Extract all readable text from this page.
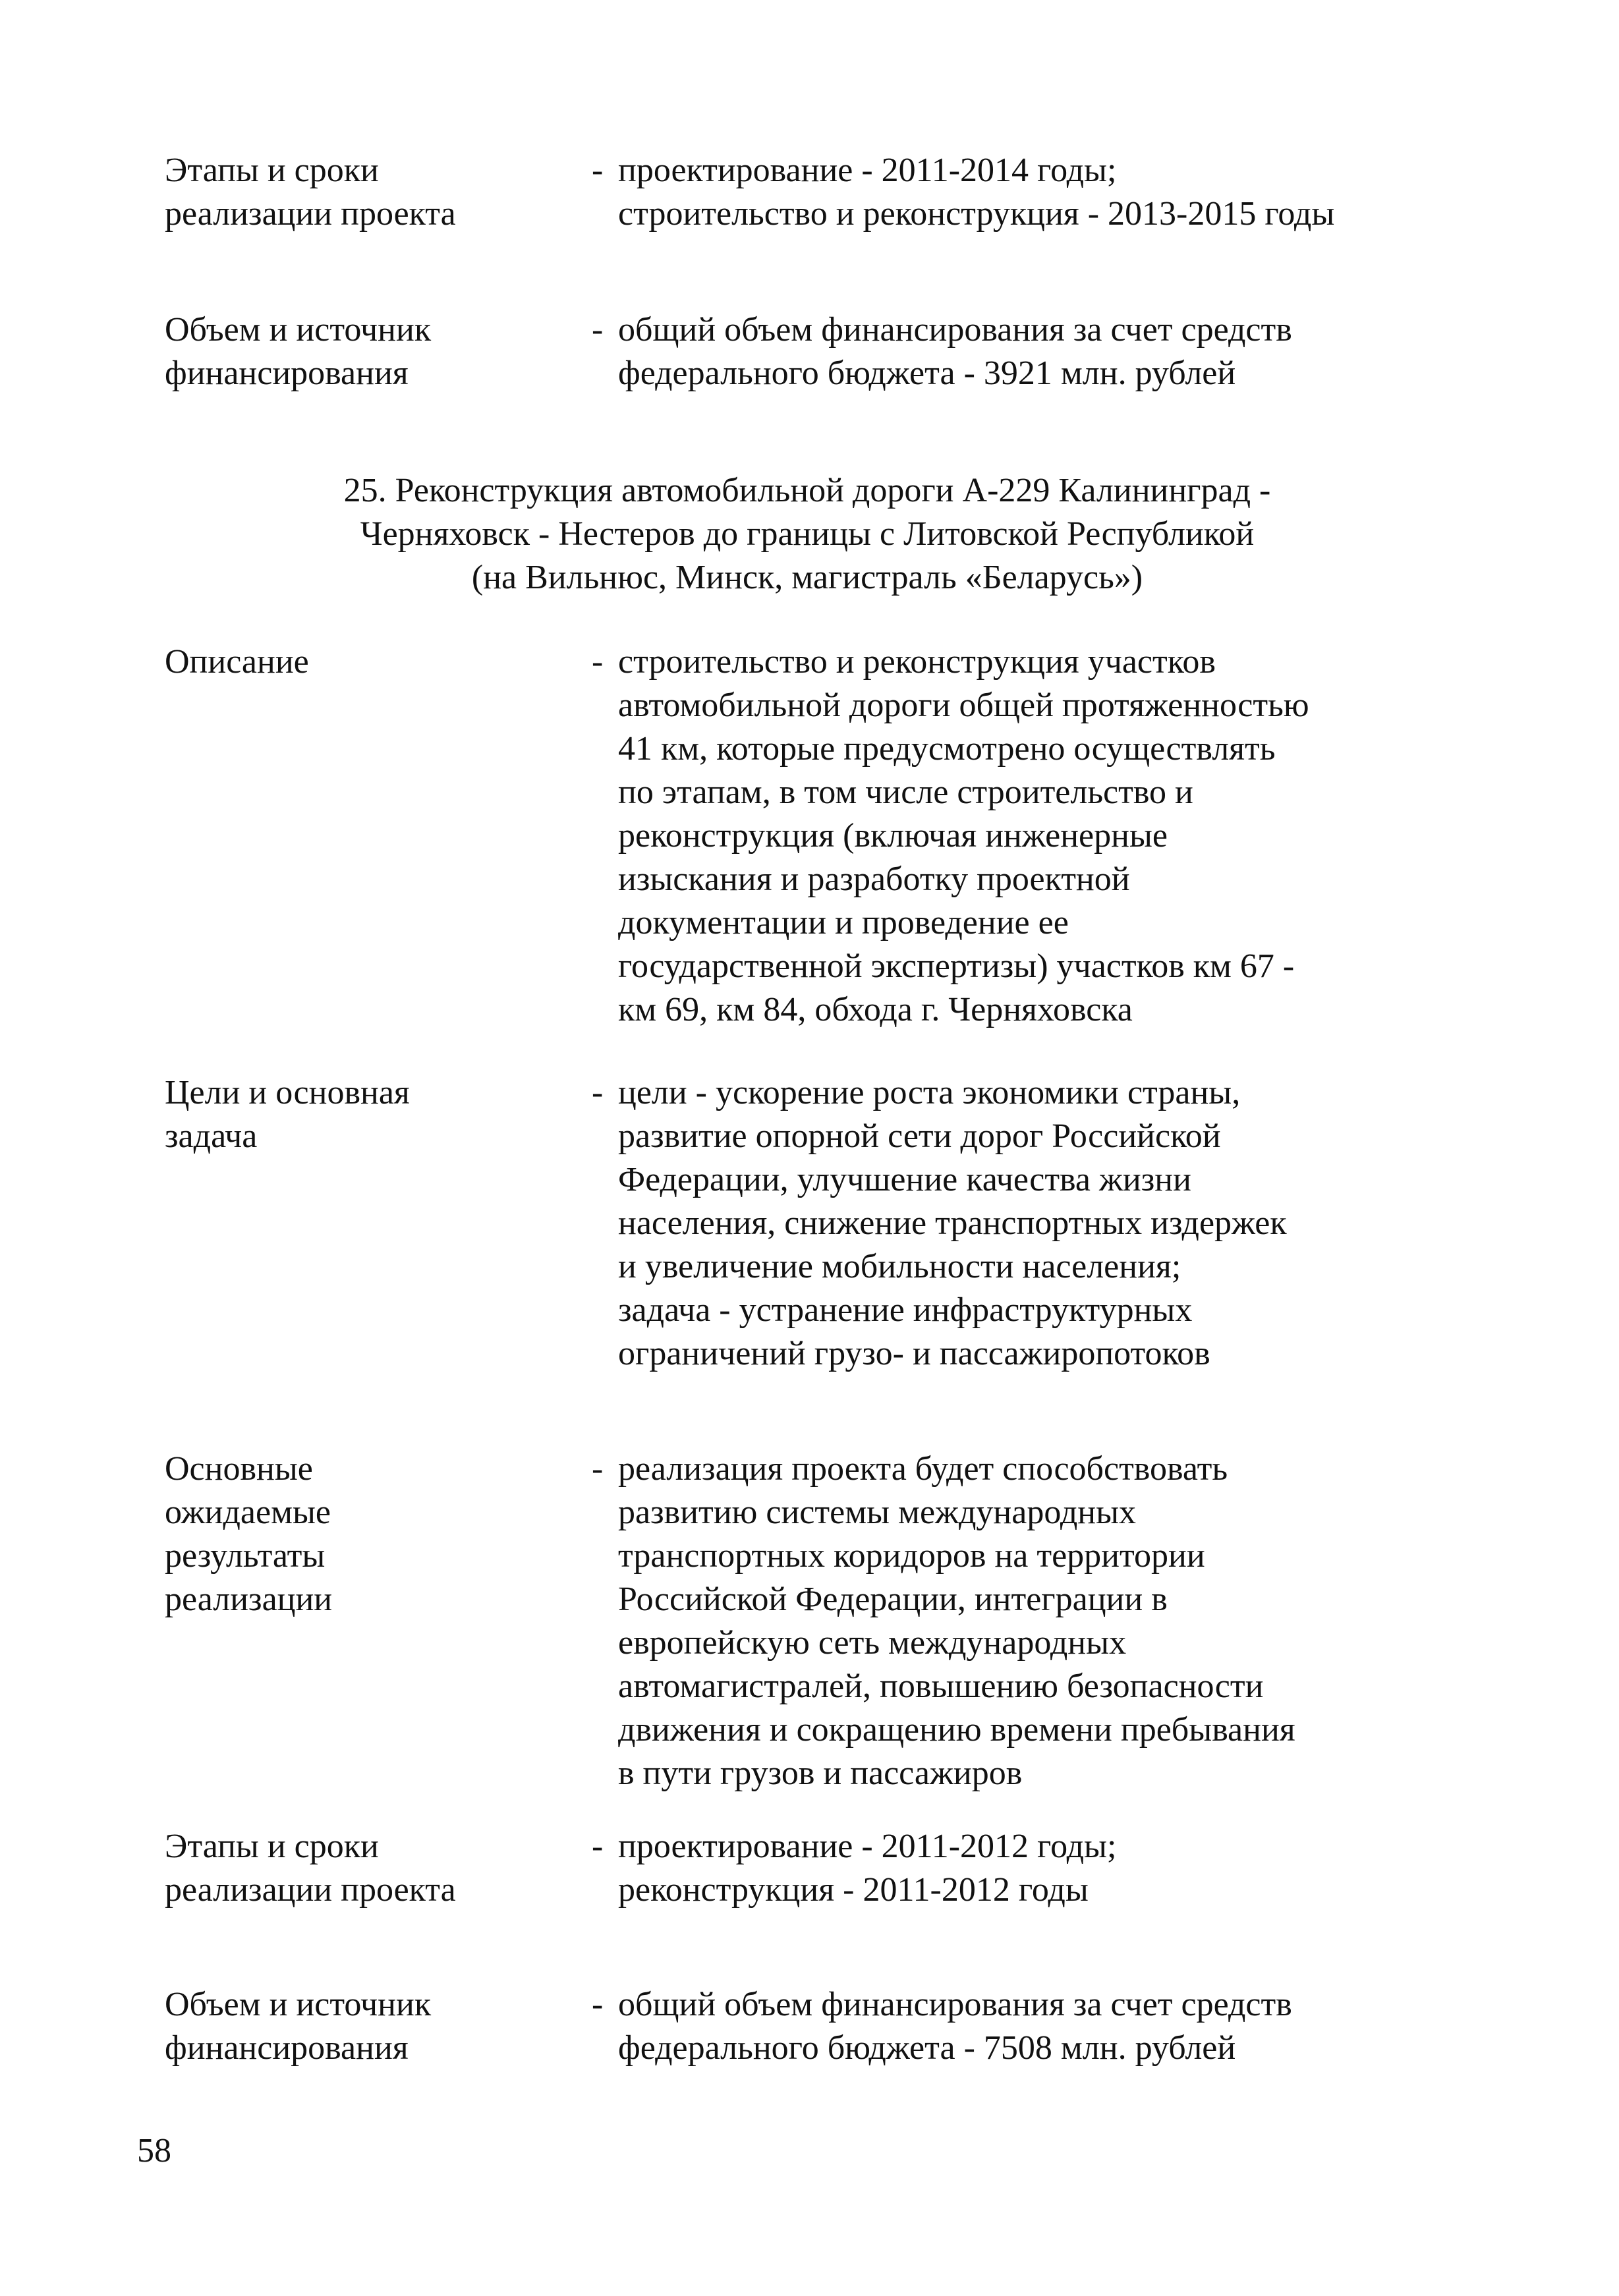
Этапы и сроки
реализации проекта
- проектирование - 2011-2014 годы;
строительство и реконструкция - 2013-2015 годы
Объем и источник
финансирования
- общий объем финансирования за счет средств
федерального бюджета - 3921 млн. рублей
25. Реконструкция автомобильной дороги А-229 Калининград -
Черняховск - Нестеров до границы с Литовской Республикой
(на Вильнюс, Минск, магистраль «Беларусь»)
Описание	- строительство и реконструкция участков
автомобильной дороги общей протяженностью
41 км, которые предусмотрено осуществлять
по этапам, в том числе строительство и
реконструкция (включая инженерные
изыскания и разработку проектной
документации и проведение ее
государственной экспертизы) участков км 67 -
км 69, км 84, обхода г. Черняховска
Цели и основная
задача
- цели - ускорение роста экономики страны,
развитие опорной сети дорог Российской
Федерации, улучшение качества жизни
населения, снижение транспортных издержек
и увеличение мобильности населения;
задача - устранение инфраструктурных
ограничений грузо- и пассажиропотоков
Основные
ожидаемые
результаты
реализации
- реализация проекта будет способствовать
развитию системы международных
транспортных коридоров на территории
Российской Федерации, интеграции в
европейскую сеть международных
автомагистралей, повышению безопасности
движения и сокращению времени пребывания
в пути грузов и пассажиров
Этапы и сроки
реализации проекта
- проектирование - 2011-2012 годы;
реконструкция - 2011-2012 годы
Объем и источник
финансирования
- общий объем финансирования за счет средств
федерального бюджета - 7508 млн. рублей
58
